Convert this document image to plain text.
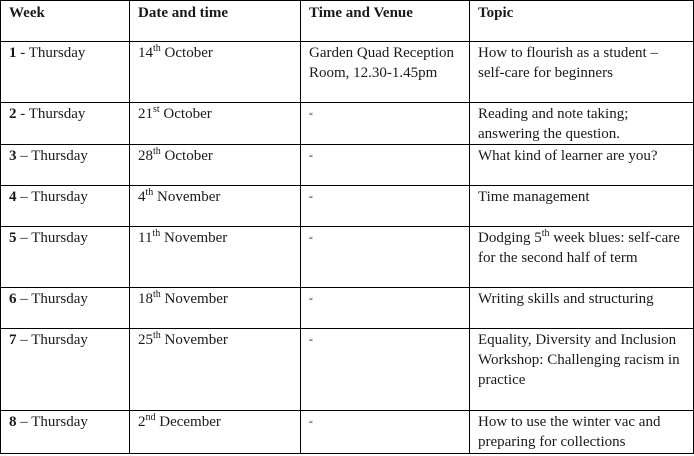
Week	Date and time	Time and Venue	Topic
1 - Thursday	14th October	Garden Quad Reception Room, 12.30-1.45pm	How to flourish as a student – self-care for beginners
2 - Thursday	21st October	“	Reading and note taking; answering the question.
3 – Thursday	28th October	“	What kind of learner are you?
4 – Thursday	4th November	“	Time management
5 – Thursday	11th November	“	Dodging 5th week blues: self-care for the second half of term
6 – Thursday	18th November	“	Writing skills and structuring
7 – Thursday	25th November	“	Equality, Diversity and Inclusion Workshop: Challenging racism in practice
8 – Thursday	2nd December	“	How to use the winter vac and preparing for collections
